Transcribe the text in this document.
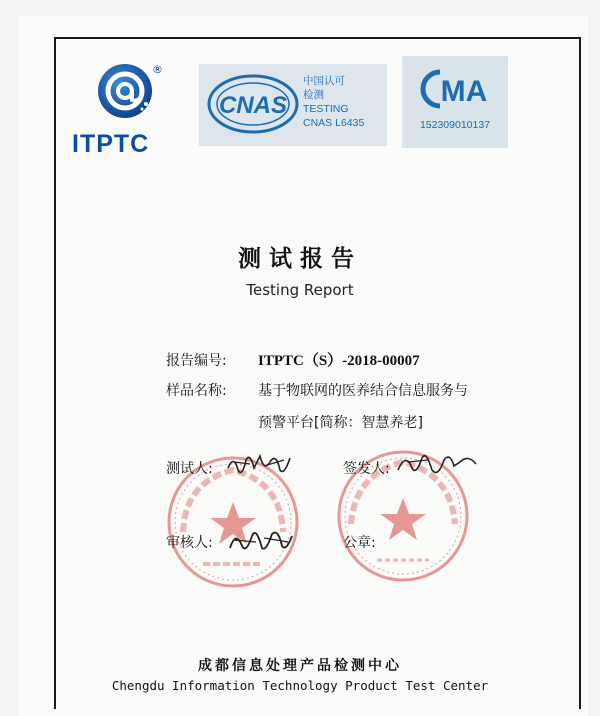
®
ITPTC
CNAS
中国认可
检测
TESTING
CNAS L6435
MA
152309010137
测试报告
Testing Report
报告编号: ITPTC（S）-2018-00007
样品名称: 基于物联网的医养结合信息服务与
预警平台[简称：智慧养老]
测试人:	签发人:
审核人:	公章:
成都信息处理产品检测中心
Chengdu Information Technology Product Test Center
